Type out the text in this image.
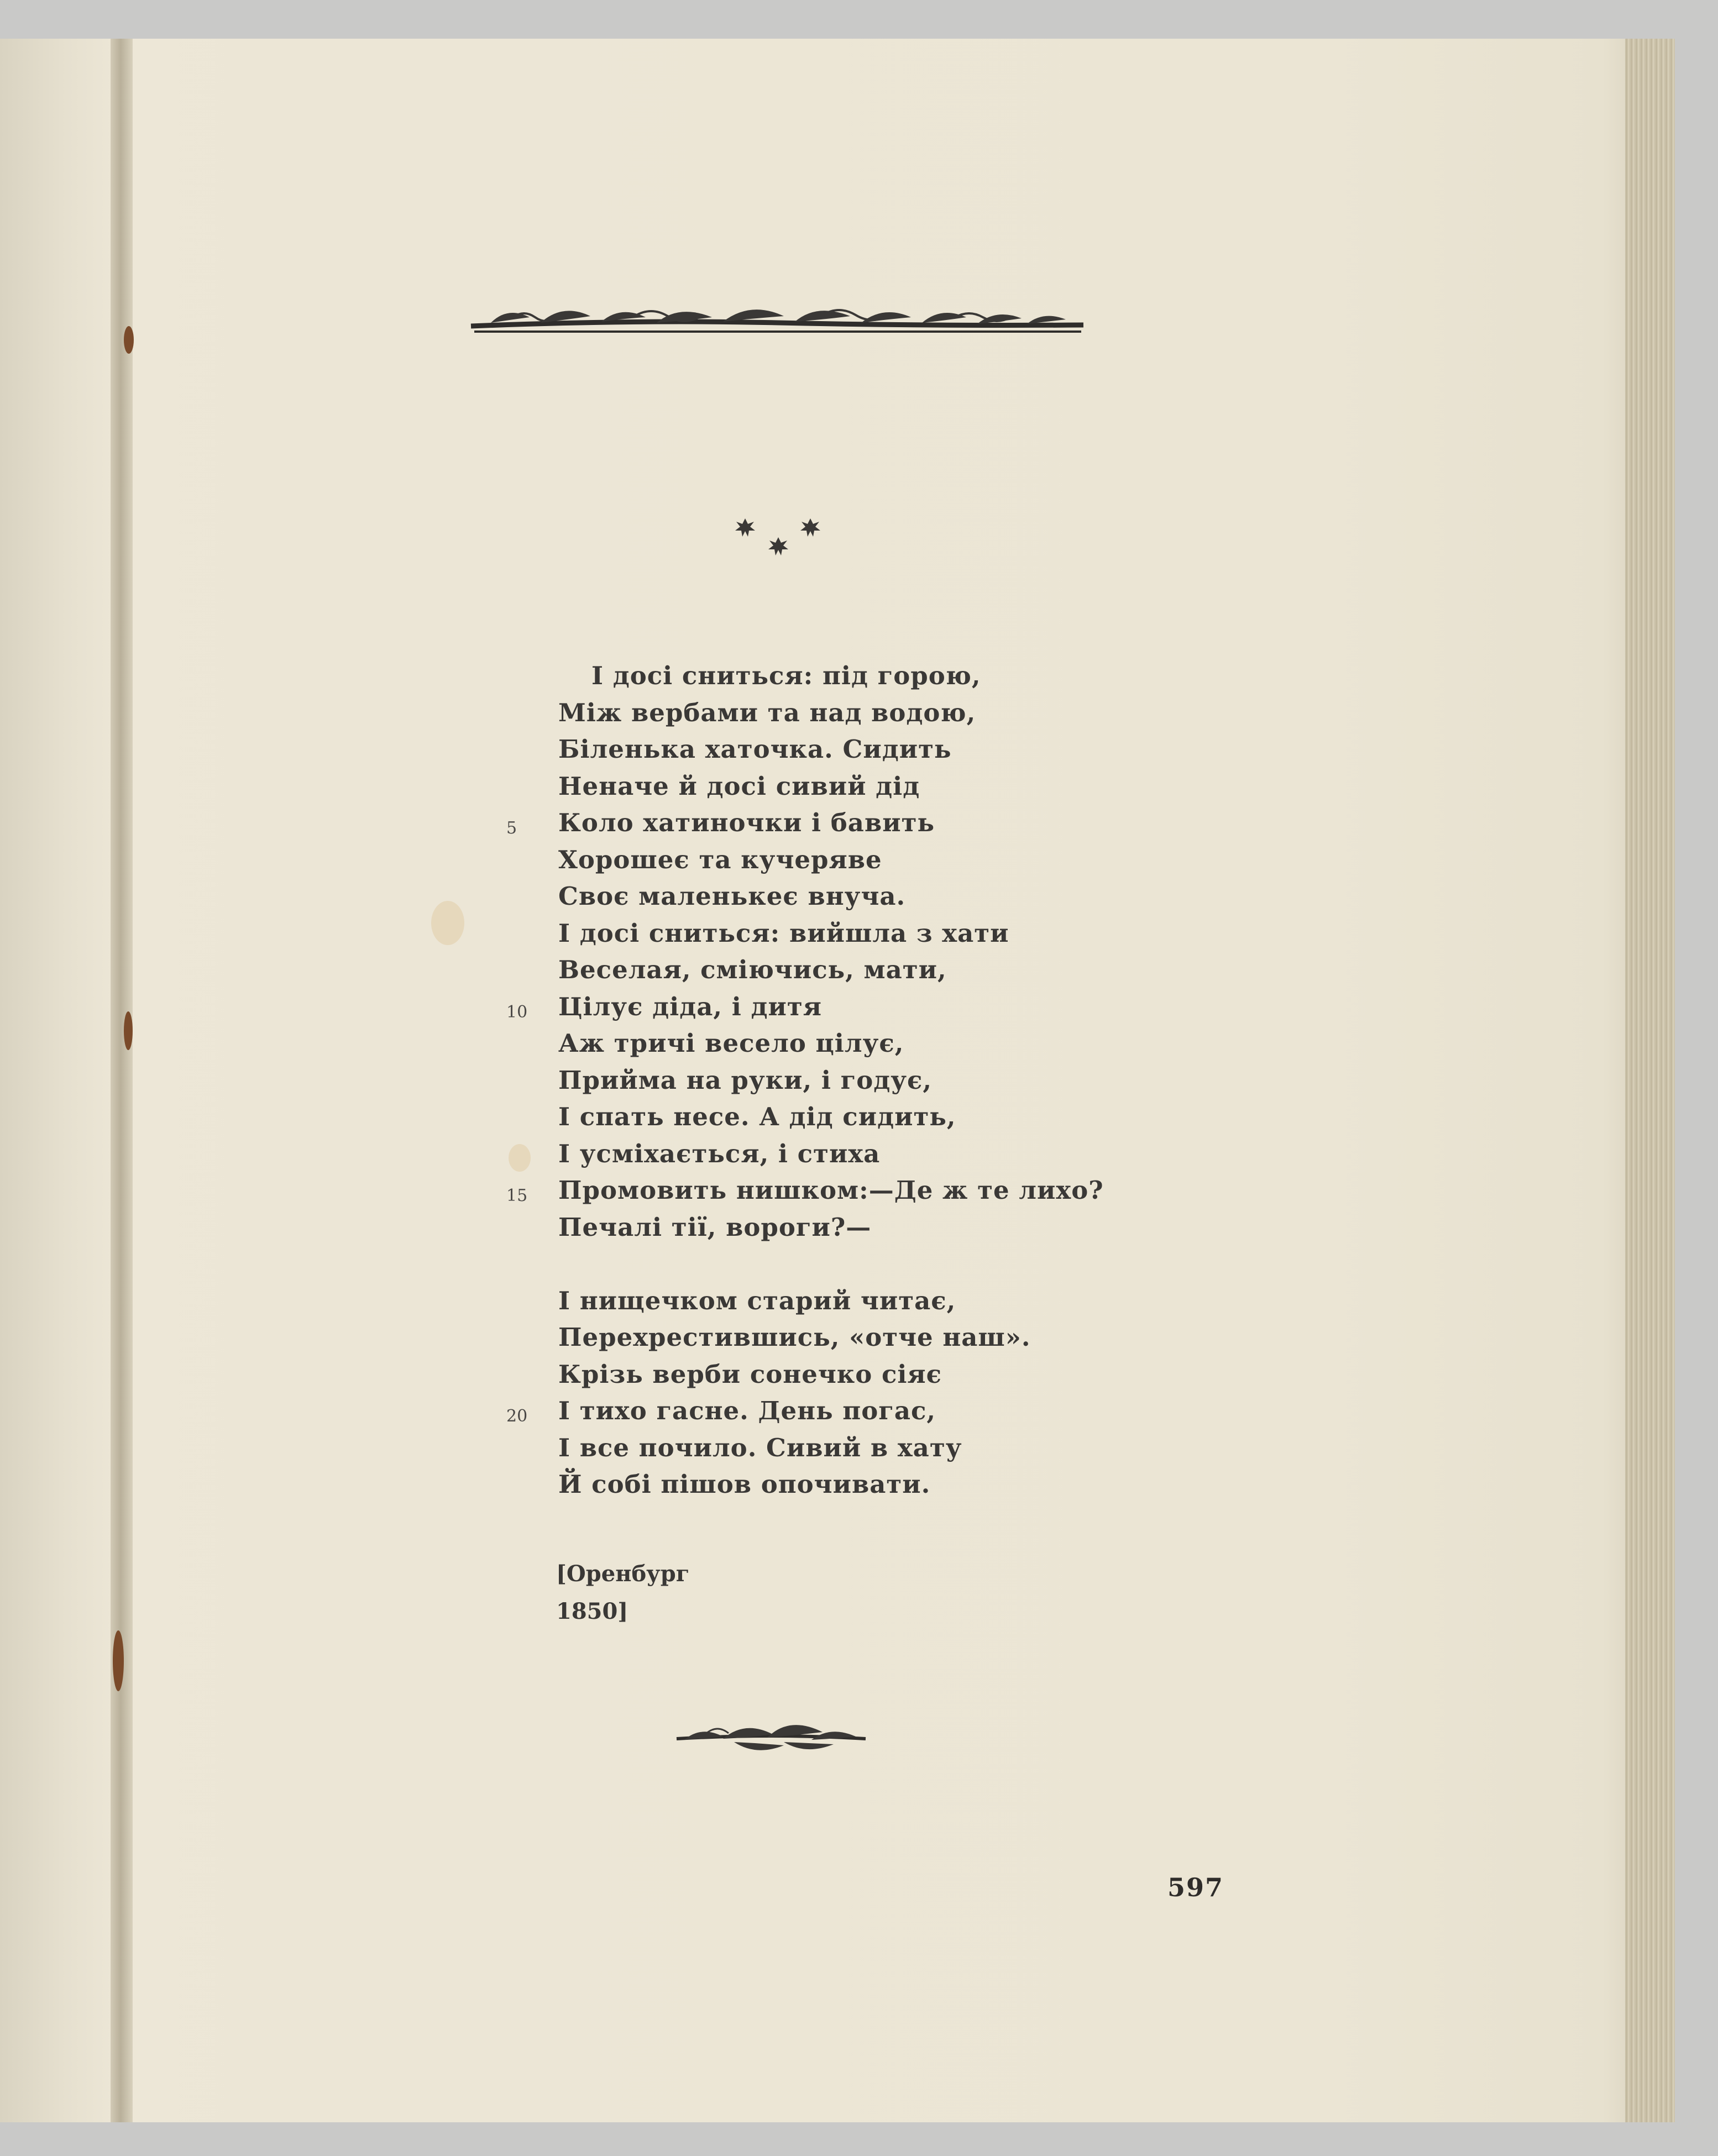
І досі сниться: під горою,
Між вербами та над водою,
Біленька хаточка. Сидить
Неначе й досі сивий дід
5 Коло хатиночки і бавить
Хорошеє та кучеряве
Своє маленькеє внуча.
І досі сниться: вийшла з хати
Веселая, сміючись, мати,
10 Цілує діда, і дитя
Аж тричі весело цілує,
Прийма на руки, і годує,
І спать несе. А дід сидить,
І усміхається, і стиха
15 Промовить нишком:—Де ж те лихо?
Печалі тії, вороги?—
І нищечком старий читає,
Перехрестившись, «отче наш».
Крізь верби сонечко сіяє
20 І тихо гасне. День погас,
І все почило. Сивий в хату
Й собі пішов опочивати.
[Оренбург
1850]
597
